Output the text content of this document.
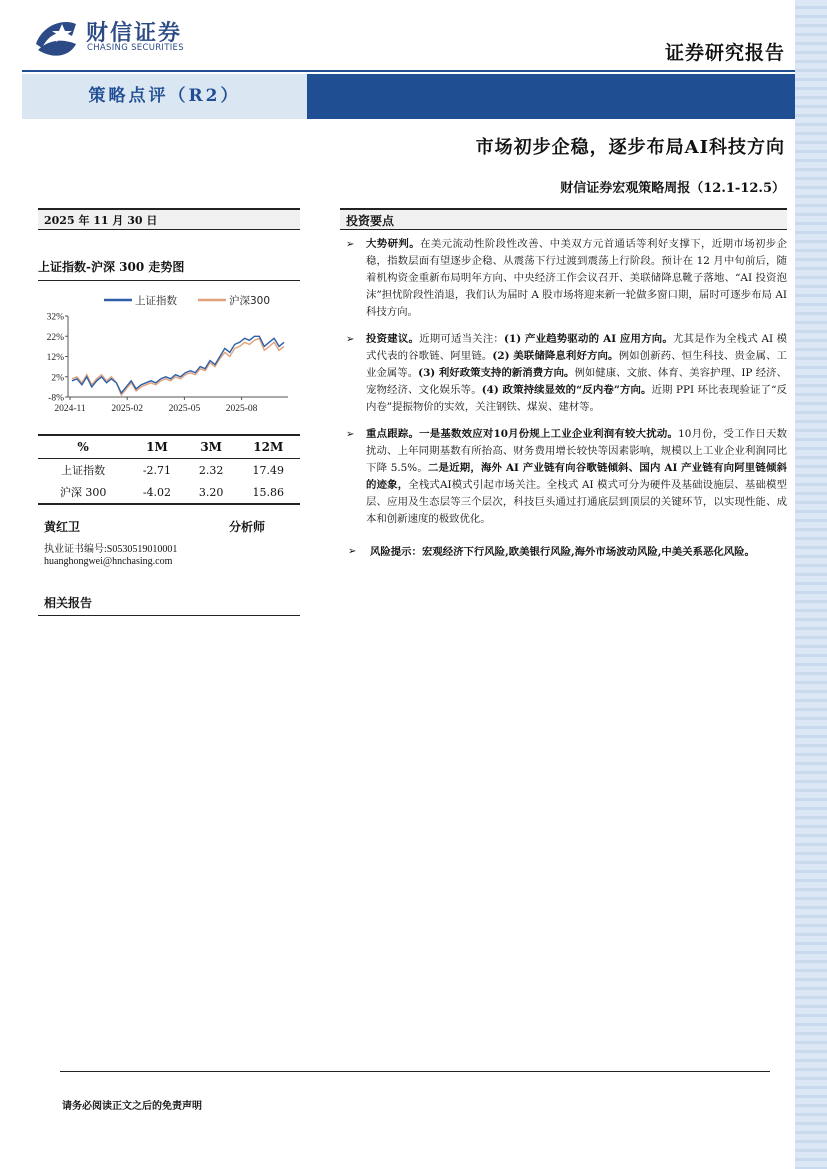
财信证券
CHASING SECURITIES	证券研究报告
策略点评（R2）
市场初步企稳，逐步布局AI科技方向
财信证券宏观策略周报（12.1-12.5）
2025 年 11 月 30 日
上证指数-沪深 300 走势图
32%
22%
12%
2%
-8%
2024-11	2025-02	2025-05	2025-08
上证指数	沪深300
%	1M	3M	12M
上证指数	-2.71	2.32	17.49
沪深 300	-4.02	3.20	15.86
黄红卫	分析师
执业证书编号:S0530519010001
huanghongwei@hnchasing.com
相关报告
投资要点
➢ 大势研判。在美元流动性阶段性改善、中美双方元首通话等利好支撑下，近期市场初步企稳，指数层面有望逐步企稳、从震荡下行过渡到震荡上行阶段。预计在 12 月中旬前后，随着机构资金重新布局明年方向、中央经济工作会议召开、美联储降息靴子落地、“AI 投资泡沫”担忧阶段性消退，我们认为届时 A 股市场将迎来新一轮做多窗口期，届时可逐步布局 AI 科技方向。
➢ 投资建议。近期可适当关注：(1) 产业趋势驱动的 AI 应用方向。尤其是作为全栈式 AI 模式代表的谷歌链、阿里链。(2) 美联储降息利好方向。例如创新药、恒生科技、贵金属、工业金属等。(3) 利好政策支持的新消费方向。例如健康、文旅、体育、美容护理、IP 经济、宠物经济、文化娱乐等。(4) 政策持续显效的“反内卷”方向。近期 PPI 环比表现验证了“反内卷”提振物价的实效，关注钢铁、煤炭、建材等。
➢ 重点跟踪。一是基数效应对10月份规上工业企业利润有较大扰动。10月份，受工作日天数扰动、上年同期基数有所抬高、财务费用增长较快等因素影响，规模以上工业企业利润同比下降 5.5%。二是近期，海外 AI 产业链有向谷歌链倾斜、国内 AI 产业链有向阿里链倾斜的迹象，全栈式AI模式引起市场关注。全栈式 AI 模式可分为硬件及基础设施层、基础模型层、应用及生态层等三个层次，科技巨头通过打通底层到顶层的关键环节，以实现性能、成本和创新速度的极致优化。
➢ 风险提示：宏观经济下行风险,欧美银行风险,海外市场波动风险,中美关系恶化风险。
请务必阅读正文之后的免责声明
